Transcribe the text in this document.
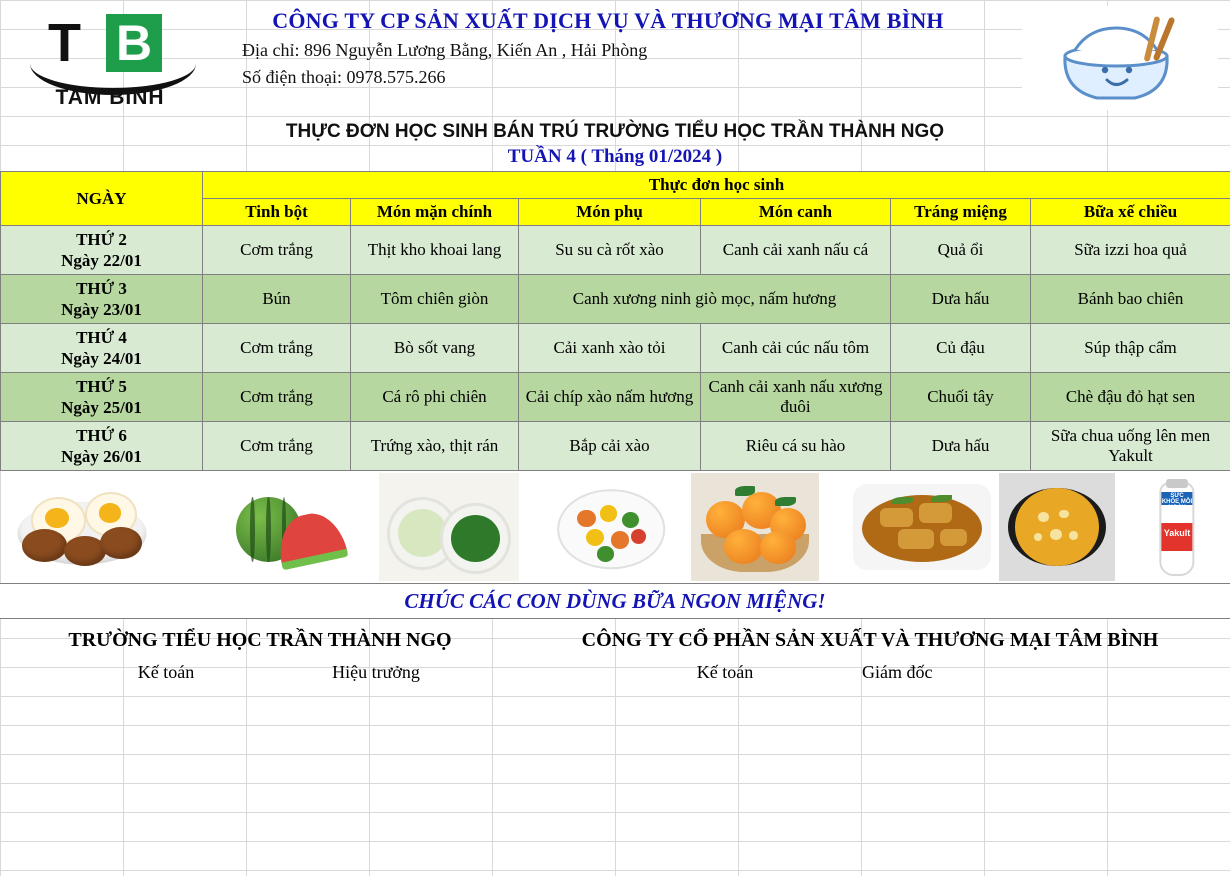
T B
TAM BINH
CÔNG TY CP SẢN XUẤT DỊCH VỤ VÀ THƯƠNG MẠI TÂM BÌNH
Địa chỉ: 896 Nguyễn Lương Bằng, Kiến An , Hải Phòng
Số điện thoại: 0978.575.266
THỰC ĐƠN HỌC SINH BÁN TRÚ TRƯỜNG TIỂU HỌC TRẦN THÀNH NGỌ
TUẦN 4 ( Tháng 01/2024 )
NGÀY	Thực đơn học sinh					
	Tinh bột	Món mặn chính	Món phụ	Món canh	Tráng miệng	Bữa xế chiều

THỨ 2
Ngày 22/01	Cơm trắng	Thịt kho khoai lang	Su su cà rốt xào	Canh cải xanh nấu cá	Quả ổi	Sữa izzi hoa quả

THỨ 3
Ngày 23/01	Bún	Tôm chiên giòn	Canh xương ninh giò mọc, nấm hương		Dưa hấu	Bánh bao chiên

THỨ 4
Ngày 24/01	Cơm trắng	Bò sốt vang	Cải xanh xào tỏi	Canh cải cúc nấu tôm	Củ đậu	Súp thập cẩm

THỨ 5
Ngày 25/01	Cơm trắng	Cá rô phi chiên	Cải chíp xào nấm hương	Canh cải xanh nấu xương đuôi	Chuối tây	Chè đậu đỏ hạt sen

THỨ 6
Ngày 26/01	Cơm trắng	Trứng xào, thịt rán	Bắp cải xào	Riêu cá su hào	Dưa hấu	Sữa chua uống lên men Yakult
SỨC KHỎE MỖI NGÀY
Yakult
CHÚC CÁC CON DÙNG BỮA NGON MIỆNG!
TRƯỜNG TIỂU HỌC TRẦN THÀNH NGỌ	CÔNG TY CỔ PHẦN SẢN XUẤT VÀ THƯƠNG MẠI TÂM BÌNH
Kế toán	Hiệu trưởng	Kế toán	Giám đốc
